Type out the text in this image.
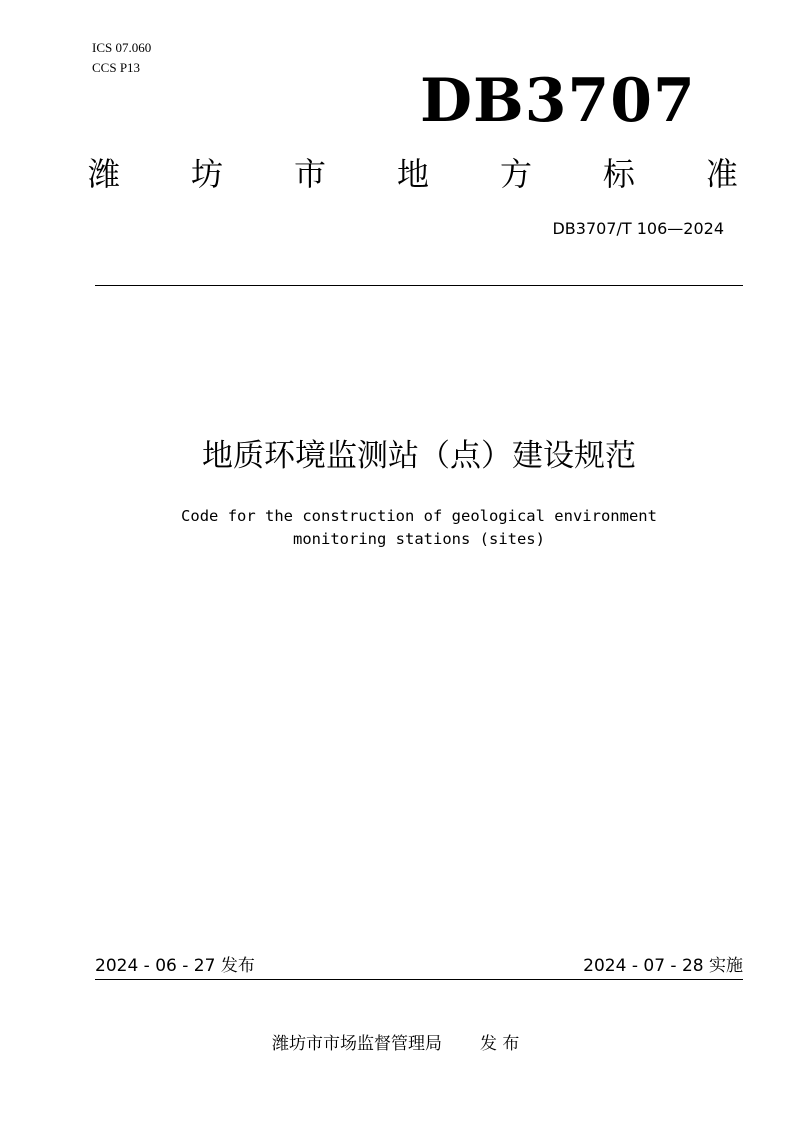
ICS 07.060
CCS P13	DB3707
潍 坊 市 地 方 标 准
DB3707/T 106—2024
地质环境监测站（点）建设规范
Code for the construction of geological environment
monitoring stations (sites)
2024 - 06 - 27 发布	2024 - 07 - 28 实施
潍坊市市场监督管理局 发 布
